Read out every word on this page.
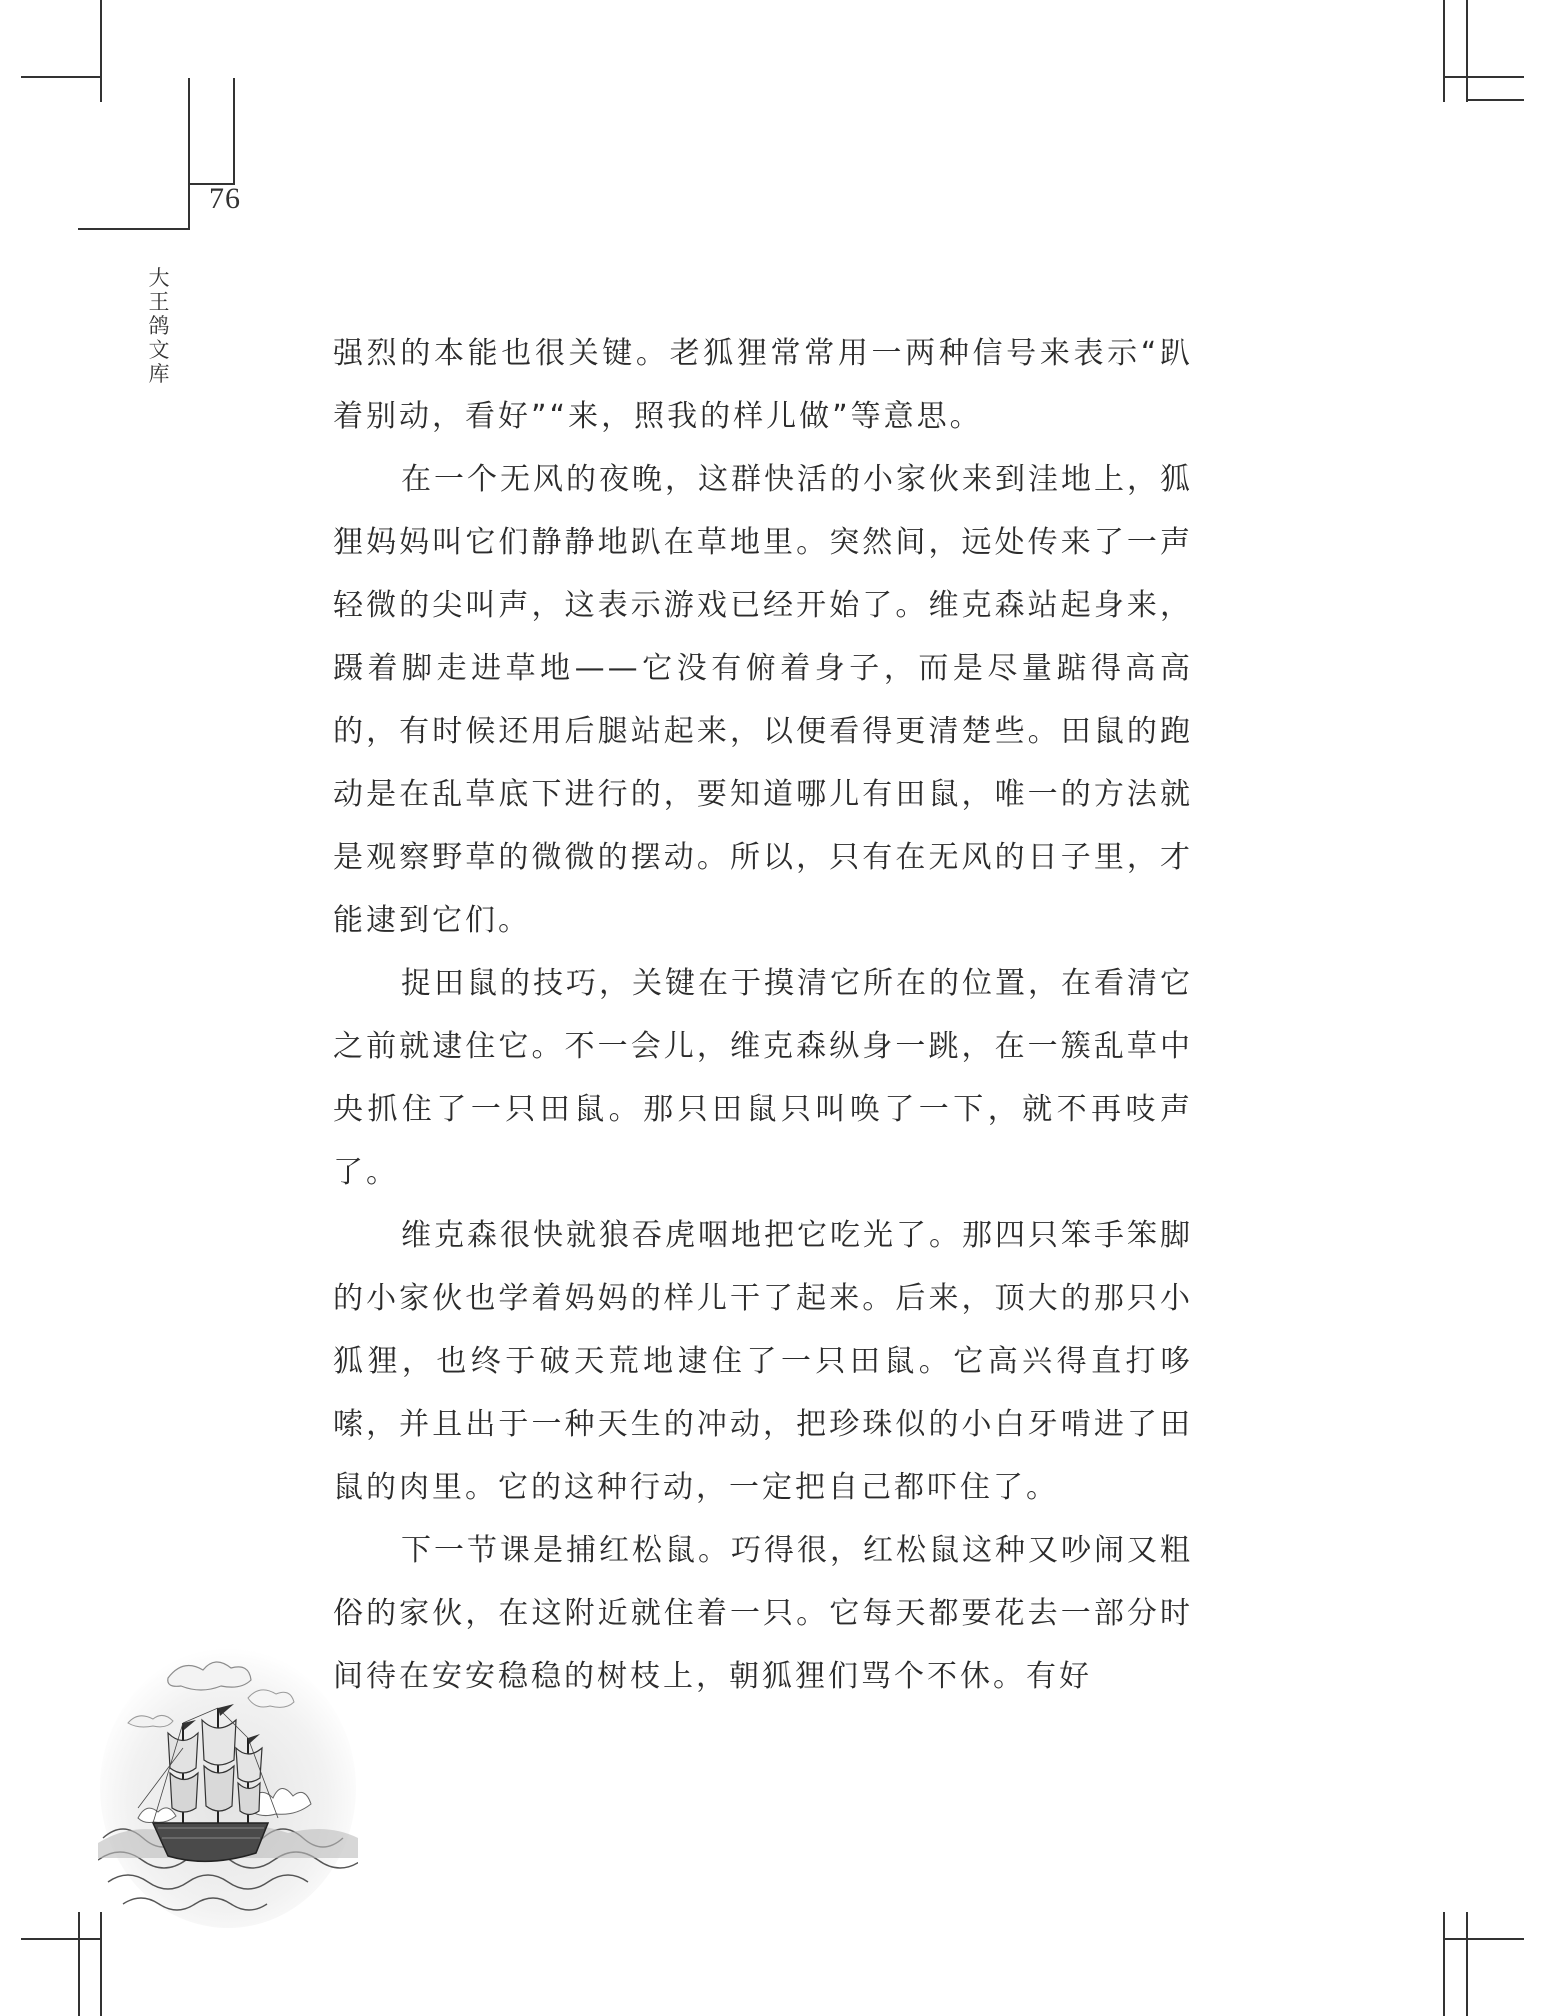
76
大王鸽文库

强烈的本能也很关键。老狐狸常常用一两种信号来表示“趴着别动，看好”“来，照我的样儿做”等意思。

在一个无风的夜晚，这群快活的小家伙来到洼地上，狐狸妈妈叫它们静静地趴在草地里。突然间，远处传来了一声轻微的尖叫声，这表示游戏已经开始了。维克森站起身来，蹑着脚走进草地——它没有俯着身子，而是尽量踮得高高的，有时候还用后腿站起来，以便看得更清楚些。田鼠的跑动是在乱草底下进行的，要知道哪儿有田鼠，唯一的方法就是观察野草的微微的摆动。所以，只有在无风的日子里，才能逮到它们。

捉田鼠的技巧，关键在于摸清它所在的位置，在看清它之前就逮住它。不一会儿，维克森纵身一跳，在一簇乱草中央抓住了一只田鼠。那只田鼠只叫唤了一下，就不再吱声了。

维克森很快就狼吞虎咽地把它吃光了。那四只笨手笨脚的小家伙也学着妈妈的样儿干了起来。后来，顶大的那只小狐狸，也终于破天荒地逮住了一只田鼠。它高兴得直打哆嗦，并且出于一种天生的冲动，把珍珠似的小白牙啃进了田鼠的肉里。它的这种行动，一定把自己都吓住了。

下一节课是捕红松鼠。巧得很，红松鼠这种又吵闹又粗俗的家伙，在这附近就住着一只。它每天都要花去一部分时间待在安安稳稳的树枝上，朝狐狸们骂个不休。有好
